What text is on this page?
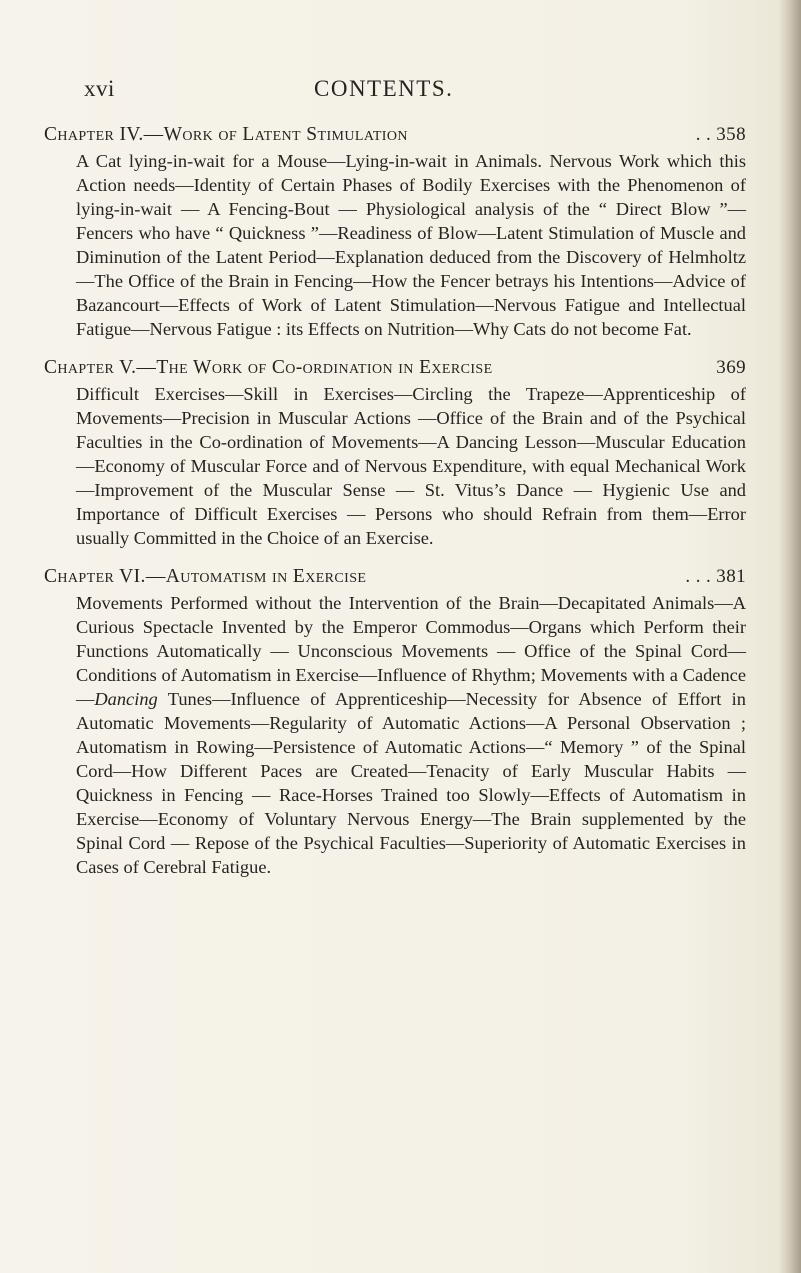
xvi	CONTENTS.
Chapter IV.—Work of Latent Stimulation	. . 358
A Cat lying-in-wait for a Mouse—Lying-in-wait in Animals. Nervous Work which this Action needs—Identity of Certain Phases of Bodily Exercises with the Phenomenon of lying-in-wait — A Fencing-Bout — Physiological analysis of the “ Direct Blow ”—Fencers who have “ Quickness ”—Readiness of Blow—Latent Stimulation of Muscle and Diminution of the Latent Period—Explanation deduced from the Discovery of Helmholtz—The Office of the Brain in Fencing—How the Fencer betrays his Intentions—Advice of Bazancourt—Effects of Work of Latent Stimulation—Nervous Fatigue and Intellectual Fatigue—Nervous Fatigue : its Effects on Nutrition—Why Cats do not become Fat.
Chapter V.—The Work of Co-ordination in Exercise	369
Difficult Exercises—Skill in Exercises—Circling the Trapeze—Apprenticeship of Movements—Precision in Muscular Actions —Office of the Brain and of the Psychical Faculties in the Co-ordination of Movements—A Dancing Lesson—Muscular Education—Economy of Muscular Force and of Nervous Expenditure, with equal Mechanical Work—Improvement of the Muscular Sense — St. Vitus’s Dance — Hygienic Use and Importance of Difficult Exercises — Persons who should Refrain from them—Error usually Committed in the Choice of an Exercise.
Chapter VI.—Automatism in Exercise	. . . 381
Movements Performed without the Intervention of the Brain—Decapitated Animals—A Curious Spectacle Invented by the Emperor Commodus—Organs which Perform their Functions Automatically — Unconscious Movements — Office of the Spinal Cord—Conditions of Automatism in Exercise—Influence of Rhythm; Movements with a Cadence—Dancing Tunes—Influence of Apprenticeship—Necessity for Absence of Effort in Automatic Movements—Regularity of Automatic Actions—A Personal Observation ; Automatism in Rowing—Persistence of Automatic Actions—“ Memory ” of the Spinal Cord—How Different Paces are Created—Tenacity of Early Muscular Habits — Quickness in Fencing — Race-Horses Trained too Slowly—Effects of Automatism in Exercise—Economy of Voluntary Nervous Energy—The Brain supplemented by the Spinal Cord — Repose of the Psychical Faculties—Superiority of Automatic Exercises in Cases of Cerebral Fatigue.
